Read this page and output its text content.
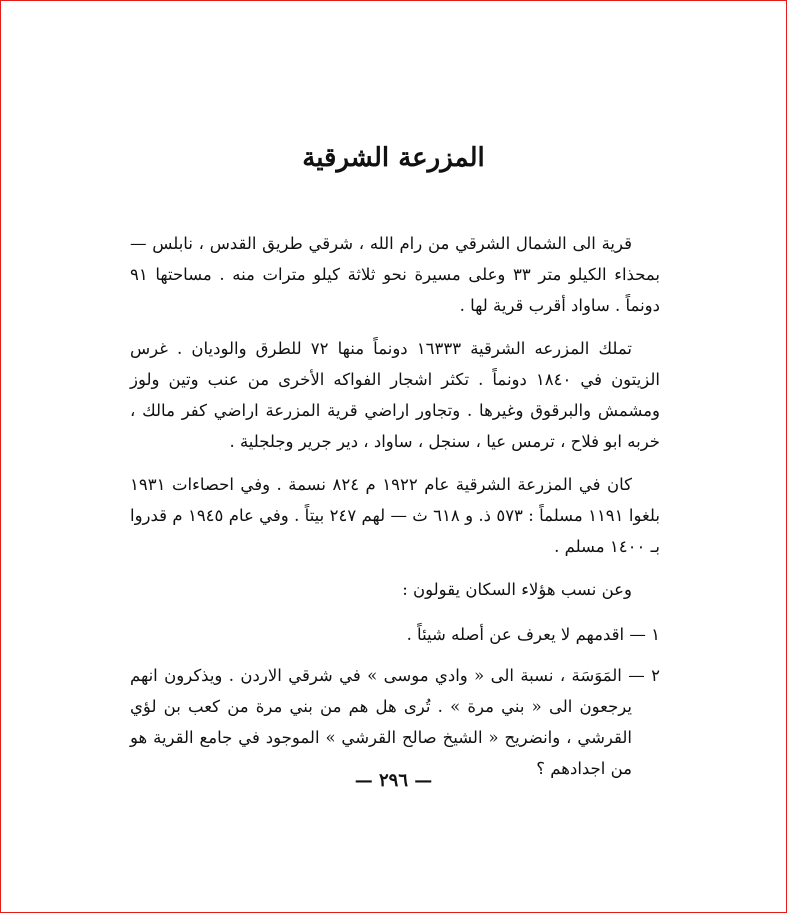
المزرعة الشرقية

قرية الى الشمال الشرقي من رام الله ، شرقي طريق القدس ، نابلس — بمحذاء الكيلو متر ٣٣ وعلى مسيرة نحو ثلاثة كيلو مترات منه . مساحتها ٩١ دونماً . ساواد أقرب قرية لها .

تملك المزرعه الشرقية ١٦٣٣٣ دونماً منها ٧٢ للطرق والوديان . غرس الزيتون في ١٨٤٠ دونماً . تكثر اشجار الفواكه الأخرى من عنب وتين ولوز ومشمش والبرقوق وغيرها . وتجاور اراضي قرية المزرعة اراضي كفر مالك ، خربه ابو فلاح ، ترمس عيا ، سنجل ، ساواد ، دير جرير وجلجلية .

كان في المزرعة الشرقية عام ١٩٢٢ م ٨٢٤ نسمة . وفي احصاءات ١٩٣١ بلغوا ١١٩١ مسلماً : ٥٧٣ ذ. و ٦١٨ ث — لهم ٢٤٧ بيتاً . وفي عام ١٩٤٥ م قدروا بـ ١٤٠٠ مسلم .

وعن نسب هؤلاء السكان يقولون :

١ — اقدمهم لا يعرف عن أصله شيئاً .

٢ — المَوَسَة ، نسبة الى « وادي موسى » في شرقي الاردن . ويذكرون انهم يرجعون الى « بني مرة » . تُرى هل هم من بني مرة من كعب بن لؤي القرشي ، وانضريح « الشيخ صالح القرشي » الموجود في جامع القرية هو من اجدادهم ؟

— ٢٩٦ —
